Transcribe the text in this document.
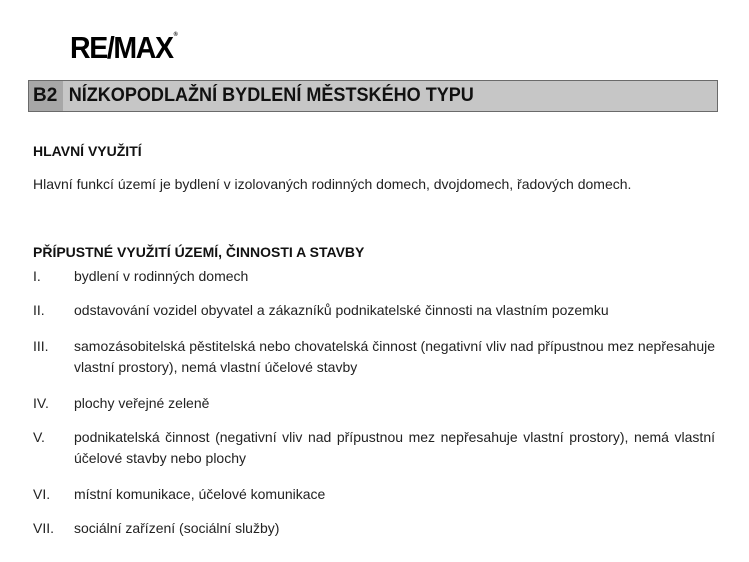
RE/MAX®
B2 NÍZKOPODLAŽNÍ BYDLENÍ MĚSTSKÉHO TYPU
HLAVNÍ VYUŽITÍ
Hlavní funkcí území je bydlení v izolovaných rodinných domech, dvojdomech, řadových domech.
PŘÍPUSTNÉ VYUŽITÍ ÚZEMÍ, ČINNOSTI A STAVBY
I. bydlení v rodinných domech
II. odstavování vozidel obyvatel a zákazníků podnikatelské činnosti na vlastním pozemku
III. samozásobitelská pěstitelská nebo chovatelská činnost (negativní vliv nad přípustnou mez nepřesahuje vlastní prostory), nemá vlastní účelové stavby
IV. plochy veřejné zeleně
V. podnikatelská činnost (negativní vliv nad přípustnou mez nepřesahuje vlastní prostory), nemá vlastní účelové stavby nebo plochy
VI. místní komunikace, účelové komunikace
VII. sociální zařízení (sociální služby)
